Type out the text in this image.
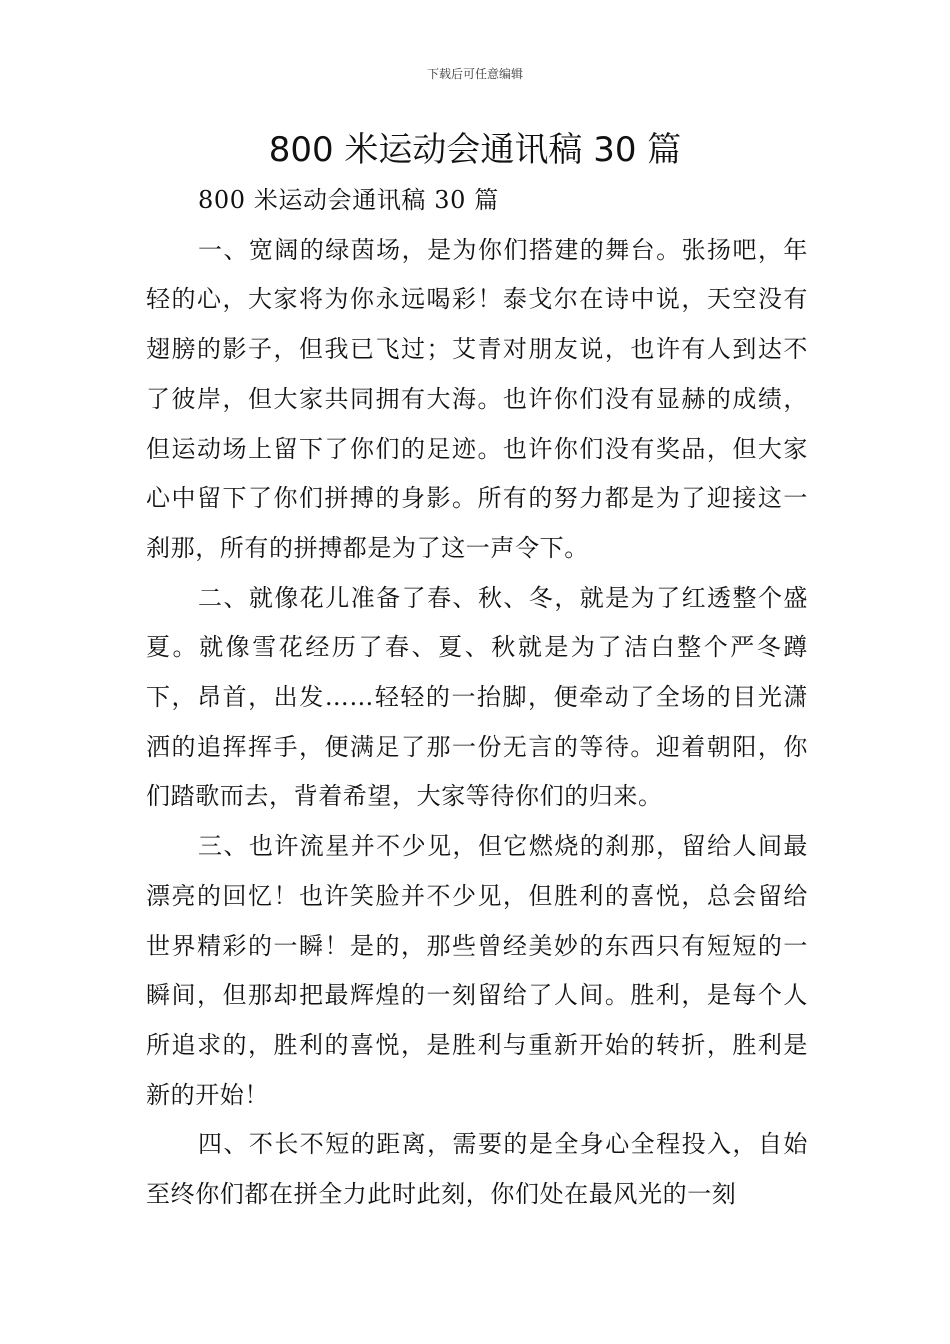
下载后可任意编辑
800 米运动会通讯稿 30 篇

800 米运动会通讯稿 30 篇

一、宽阔的绿茵场，是为你们搭建的舞台。张扬吧，年轻的心，大家将为你永远喝彩！泰戈尔在诗中说，天空没有翅膀的影子，但我已飞过；艾青对朋友说，也许有人到达不了彼岸，但大家共同拥有大海。也许你们没有显赫的成绩，但运动场上留下了你们的足迹。也许你们没有奖品，但大家心中留下了你们拼搏的身影。所有的努力都是为了迎接这一刹那，所有的拼搏都是为了这一声令下。

二、就像花儿准备了春、秋、冬，就是为了红透整个盛夏。就像雪花经历了春、夏、秋就是为了洁白整个严冬蹲下，昂首，出发……轻轻的一抬脚，便牵动了全场的目光潇洒的追挥挥手，便满足了那一份无言的等待。迎着朝阳，你们踏歌而去，背着希望，大家等待你们的归来。

三、也许流星并不少见，但它燃烧的刹那，留给人间最漂亮的回忆！也许笑脸并不少见，但胜利的喜悦，总会留给世界精彩的一瞬！是的，那些曾经美妙的东西只有短短的一瞬间，但那却把最辉煌的一刻留给了人间。胜利，是每个人所追求的，胜利的喜悦，是胜利与重新开始的转折，胜利是新的开始！

四、不长不短的距离，需要的是全身心全程投入，自始至终你们都在拼全力此时此刻，你们处在最风光的一刻
